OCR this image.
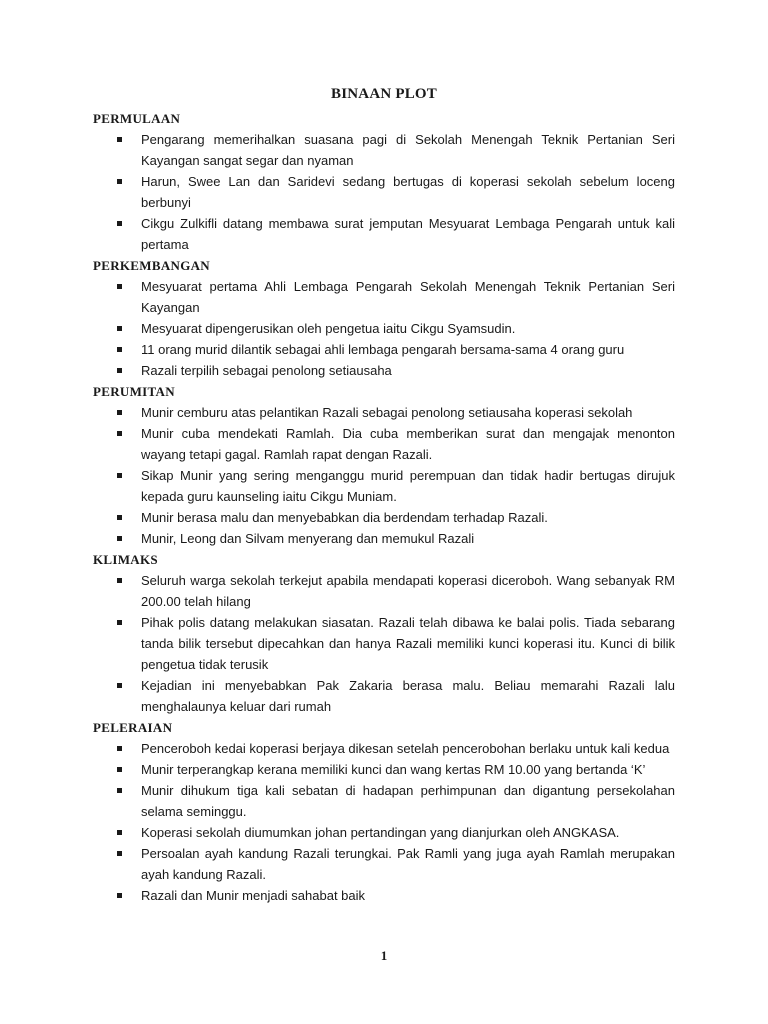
BINAAN PLOT
PERMULAAN
Pengarang memerihalkan suasana pagi di Sekolah Menengah Teknik Pertanian Seri Kayangan sangat segar dan nyaman
Harun, Swee Lan dan Saridevi sedang bertugas di koperasi sekolah sebelum loceng berbunyi
Cikgu Zulkifli datang membawa surat jemputan Mesyuarat Lembaga Pengarah untuk kali pertama
PERKEMBANGAN
Mesyuarat pertama Ahli Lembaga Pengarah Sekolah Menengah Teknik Pertanian Seri Kayangan
Mesyuarat dipengerusikan oleh pengetua iaitu Cikgu Syamsudin.
11 orang murid dilantik sebagai ahli lembaga pengarah bersama-sama 4 orang guru
Razali terpilih sebagai penolong setiausaha
PERUMITAN
Munir cemburu atas pelantikan Razali sebagai penolong setiausaha koperasi sekolah
Munir cuba mendekati Ramlah. Dia cuba memberikan surat dan mengajak menonton wayang tetapi gagal. Ramlah rapat dengan Razali.
Sikap Munir yang sering menganggu murid perempuan dan tidak hadir bertugas dirujuk kepada guru kaunseling iaitu Cikgu Muniam.
Munir berasa malu dan menyebabkan dia berdendam terhadap Razali.
Munir, Leong dan Silvam menyerang dan memukul Razali
KLIMAKS
Seluruh warga sekolah terkejut apabila mendapati koperasi diceroboh. Wang sebanyak RM 200.00 telah hilang
Pihak polis datang melakukan siasatan. Razali telah dibawa ke balai polis. Tiada sebarang tanda bilik tersebut dipecahkan dan hanya Razali memiliki kunci koperasi itu. Kunci di bilik pengetua tidak terusik
Kejadian ini menyebabkan Pak Zakaria berasa malu. Beliau memarahi Razali lalu menghalaunya keluar dari rumah
PELERAIAN
Penceroboh kedai koperasi berjaya dikesan setelah pencerobohan berlaku untuk kali kedua
Munir terperangkap kerana memiliki kunci dan wang kertas RM 10.00 yang bertanda ‘K’
Munir dihukum tiga kali sebatan di hadapan perhimpunan dan digantung persekolahan selama seminggu.
Koperasi sekolah diumumkan johan pertandingan yang dianjurkan oleh ANGKASA.
Persoalan ayah kandung Razali terungkai. Pak Ramli yang juga ayah Ramlah merupakan ayah kandung Razali.
Razali dan Munir menjadi sahabat baik
1
